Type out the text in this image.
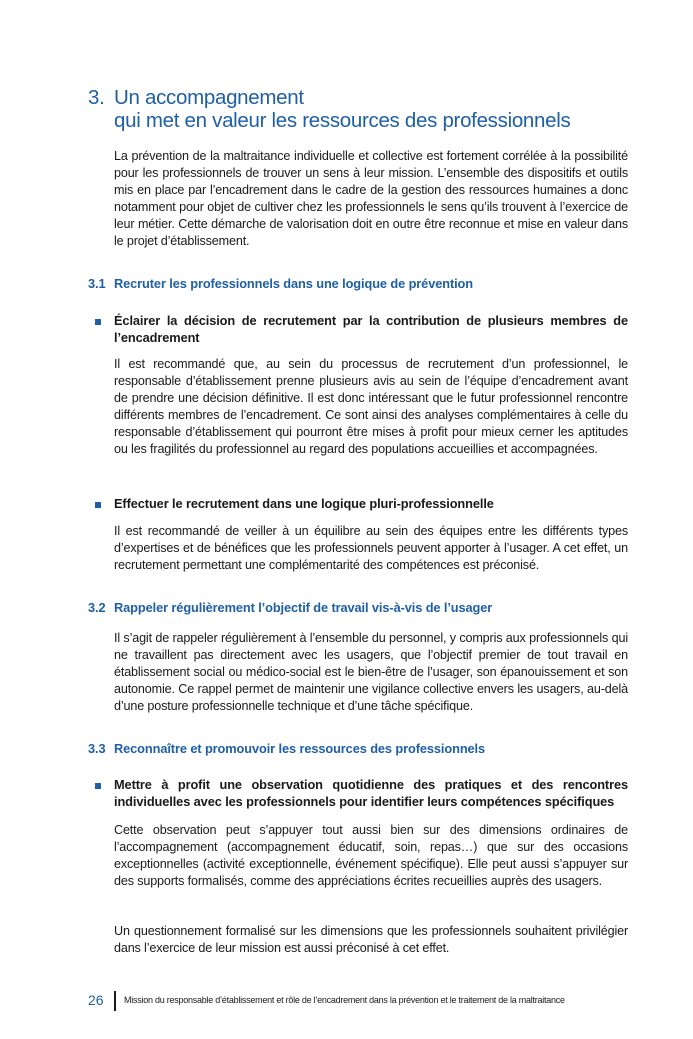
3. Un accompagnement
qui met en valeur les ressources des professionnels

La prévention de la maltraitance individuelle et collective est fortement corrélée à la possibilité pour les professionnels de trouver un sens à leur mission. L’ensemble des dispositifs et outils mis en place par l’encadrement dans le cadre de la gestion des ressources humaines a donc notamment pour objet de cultiver chez les professionnels le sens qu’ils trouvent à l’exercice de leur métier. Cette démarche de valorisation doit en outre être reconnue et mise en valeur dans le projet d’établissement.

3.1 Recruter les professionnels dans une logique de prévention

Éclairer la décision de recrutement par la contribution de plusieurs membres de l’encadrement

Il est recommandé que, au sein du processus de recrutement d’un professionnel, le responsable d’établissement prenne plusieurs avis au sein de l’équipe d’encadrement avant de prendre une décision définitive. Il est donc intéressant que le futur professionnel rencontre différents membres de l’encadrement. Ce sont ainsi des analyses complémentaires à celle du responsable d’établissement qui pourront être mises à profit pour mieux cerner les aptitudes ou les fragilités du professionnel au regard des populations accueillies et accompagnées.

Effectuer le recrutement dans une logique pluri-professionnelle

Il est recommandé de veiller à un équilibre au sein des équipes entre les différents types d’expertises et de bénéfices que les professionnels peuvent apporter à l’usager. A cet effet, un recrutement permettant une complémentarité des compétences est préconisé.

3.2 Rappeler régulièrement l’objectif de travail vis-à-vis de l’usager

Il s’agit de rappeler régulièrement à l’ensemble du personnel, y compris aux professionnels qui ne travaillent pas directement avec les usagers, que l’objectif premier de tout travail en établissement social ou médico-social est le bien-être de l’usager, son épanouissement et son autonomie. Ce rappel permet de maintenir une vigilance collective envers les usagers, au-delà d’une posture professionnelle technique et d’une tâche spécifique.

3.3 Reconnaître et promouvoir les ressources des professionnels

Mettre à profit une observation quotidienne des pratiques et des rencontres individuelles avec les professionnels pour identifier leurs compétences spécifiques

Cette observation peut s’appuyer tout aussi bien sur des dimensions ordinaires de l’accompagnement (accompagnement éducatif, soin, repas…) que sur des occasions exceptionnelles (activité exceptionnelle, événement spécifique). Elle peut aussi s’appuyer sur des supports formalisés, comme des appréciations écrites recueillies auprès des usagers.

Un questionnement formalisé sur les dimensions que les professionnels souhaitent privilégier dans l’exercice de leur mission est aussi préconisé à cet effet.

26 Mission du responsable d’établissement et rôle de l’encadrement dans la prévention et le traitement de la maltraitance
